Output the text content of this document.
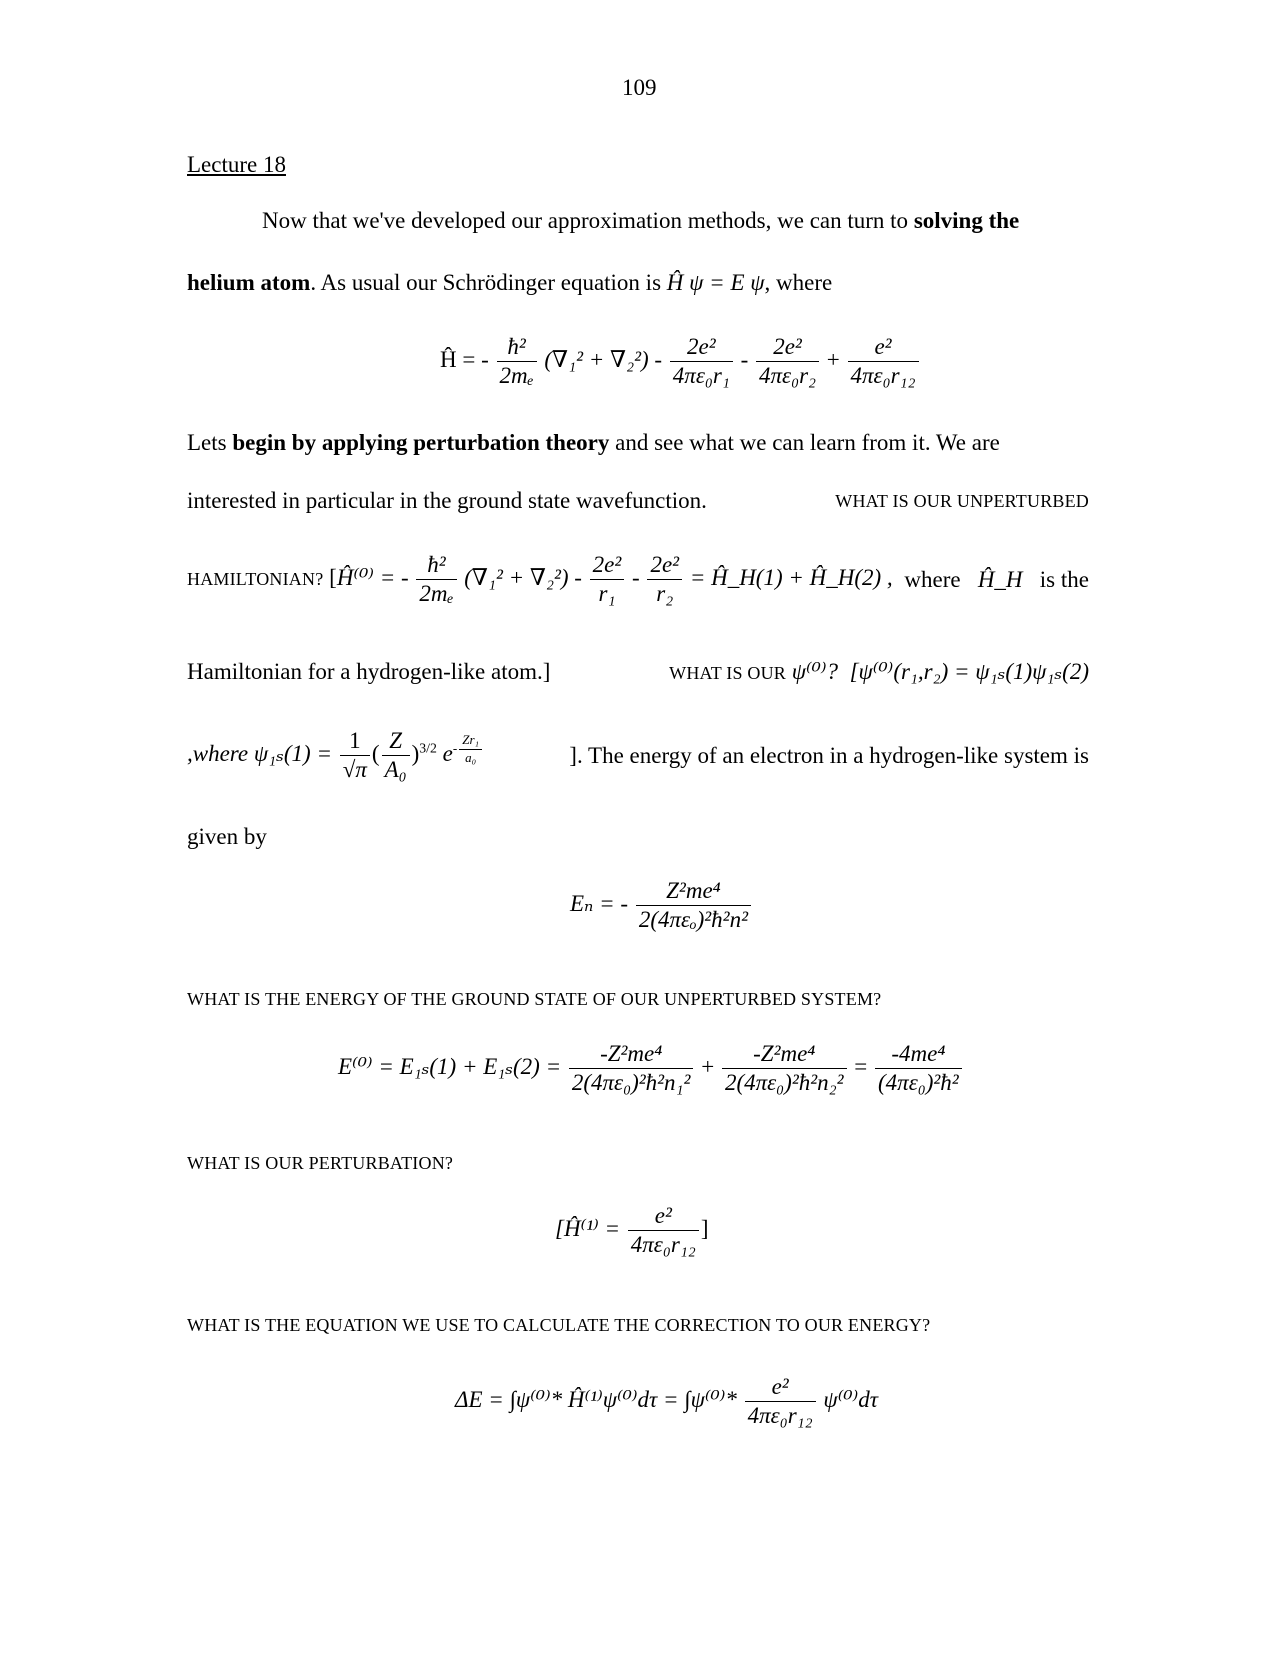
109
Lecture 18
Now that we've developed our approximation methods, we can turn to solving the
helium atom. As usual our Schrödinger equation is Ĥ ψ = E ψ, where
Ĥ = - $\frac{\text{ħ²}}{\text{2mₑ}} (\nabla_1^2 + \nabla_2^2) - \frac{\text{2e²}}{\text{4πε₀r₁}} - \frac{\text{2e²}}{\text{4πε₀r₂}} + \frac{\text{e²}}{\text{4πε₀r₁₂}}$
Lets begin by applying perturbation theory and see what we can learn from it. We are
interested in particular in the ground state wavefunction.	WHAT IS OUR UNPERTURBED
HAMILTONIAN? [Ĥ⁽⁰⁾ = - $\frac{\text{ħ²}}{\text{2mₑ}} (\nabla_1^2 + \nabla_2^2) - \frac{\text{2e²}}{\text{r₁}} - \frac{\text{2e²}}{\text{r₂}}$ = Ĥ_H(1) + Ĥ_H(2) , where Ĥ_H is the
Hamiltonian for a hydrogen-like atom.]	WHAT IS OUR ψ⁽⁰⁾? [ψ⁽⁰⁾(r₁,r₂) = ψ₁ₛ(1)ψ₁ₛ(2)
,where $\psi_{1s}(1) = \frac{1}{√\pi}$ ( $\frac{Z}{\text{A₀}} )^{3/2}$ $e- \frac{\text{Zr₁}}{\text{a₀}}$	]. The energy of an electron in a hydrogen-like system is
given by
Eₙ = - $\frac{\text{Z²me⁴}}{\text{2(4πεₒ)²ħ²n²}}$
WHAT IS THE ENERGY OF THE GROUND STATE OF OUR UNPERTURBED SYSTEM?
$E^{(0)} = E_{1s}(1) + E_{1s}(2) = \frac{\text{-Z²me⁴}}{\text{2(4πε₀)²ħ²n₁²}} + \frac{\text{-Z²me⁴}}{\text{2(4πε₀)²ħ²n₂²}} = \frac{\text{-4me⁴}}{\text{(4πε₀)²ħ²}}$
WHAT IS OUR PERTURBATION?
[Ĥ⁽¹⁾ = $\frac{\text{e²}}{\text{4πε₀r₁₂}}$ ]
WHAT IS THE EQUATION WE USE TO CALCULATE THE CORRECTION TO OUR ENERGY?
ΔE = ∫ψ⁽⁰⁾* Ĥ⁽¹⁾ψ⁽⁰⁾dτ = $\int\psi^{(0)}* \frac{\text{e²}}{\text{4πε₀r₁₂}} \psi^{(0)}d\tau$
